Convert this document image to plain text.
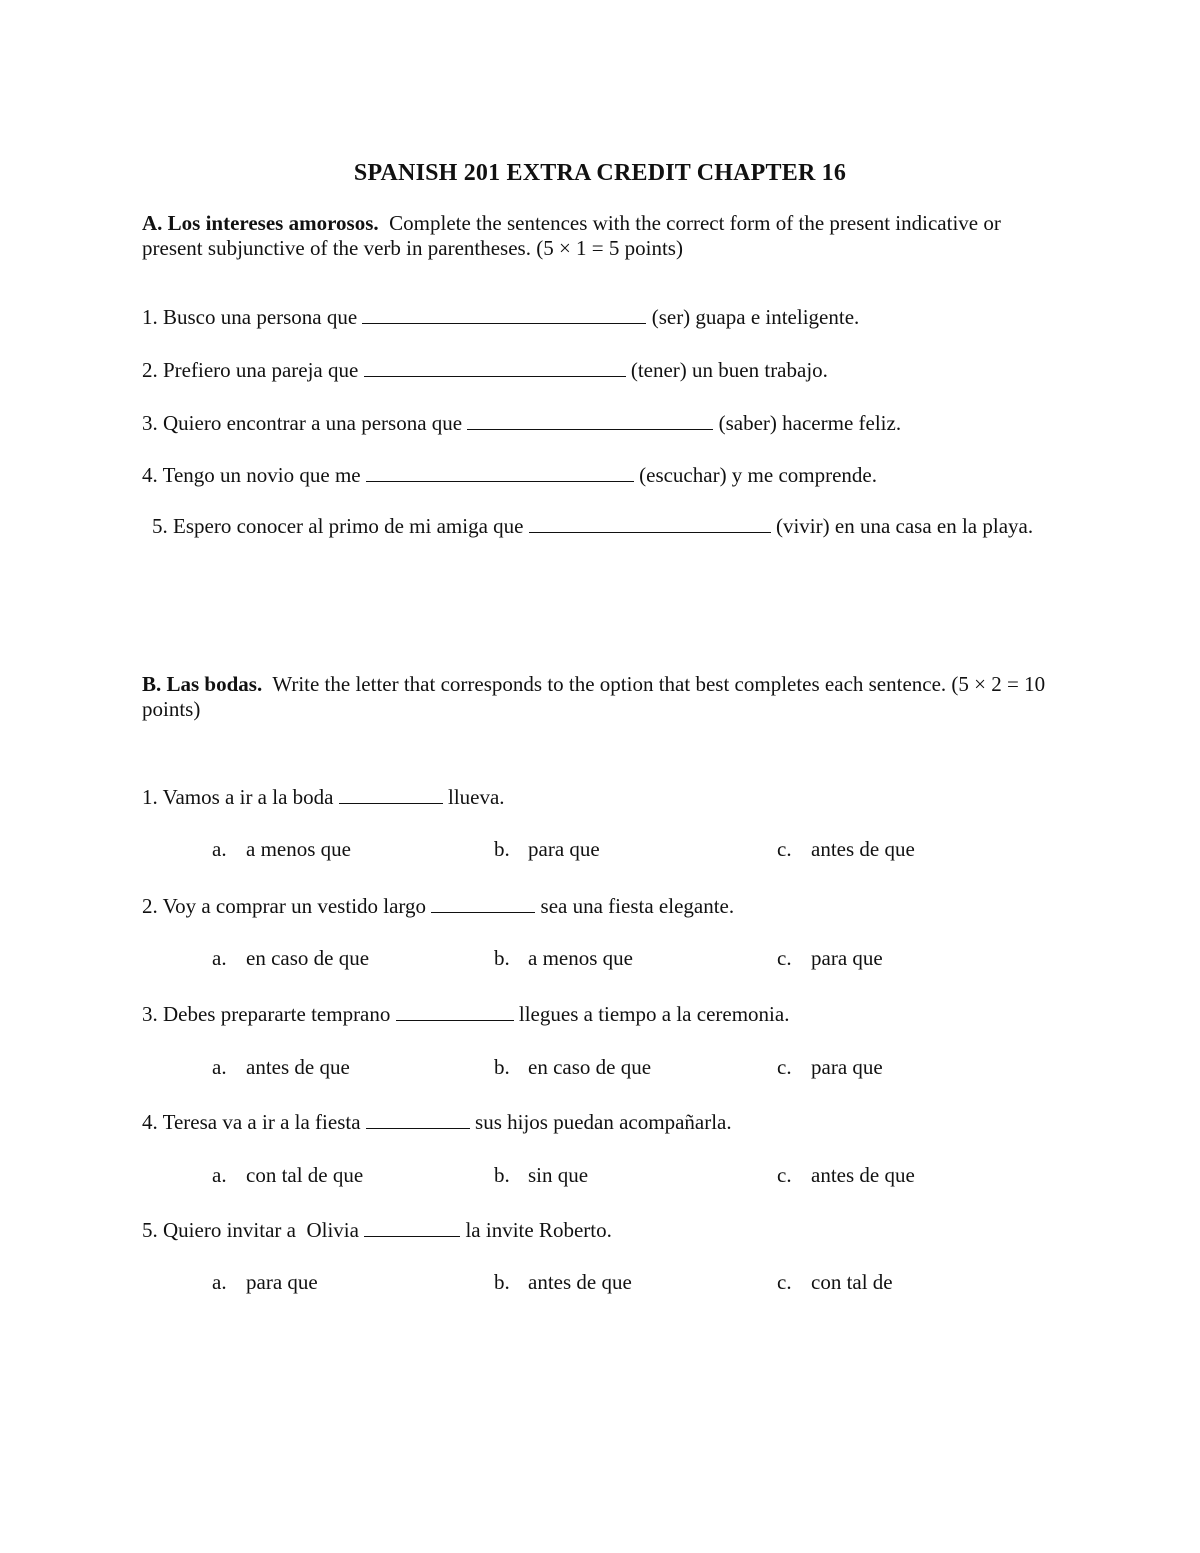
SPANISH 201 EXTRA CREDIT CHAPTER 16
A. Los intereses amorosos. Complete the sentences with the correct form of the present indicative or present subjunctive of the verb in parentheses. (5 × 1 = 5 points)
1. Busco una persona que	(ser) guapa e inteligente.
2. Prefiero una pareja que	(tener) un buen trabajo.
3. Quiero encontrar a una persona que	(saber) hacerme feliz.
4. Tengo un novio que me	(escuchar) y me comprende.
5. Espero conocer al primo de mi amiga que	(vivir) en una casa en la playa.
B. Las bodas. Write the letter that corresponds to the option that best completes each sentence. (5 × 2 = 10 points)
1. Vamos a ir a la boda	llueva.
a. a menos que	b. para que	c. antes de que
2. Voy a comprar un vestido largo	sea una fiesta elegante.
a. en caso de que	b. a menos que	c. para que
3. Debes prepararte temprano	llegues a tiempo a la ceremonia.
a. antes de que	b. en caso de que	c. para que
4. Teresa va a ir a la fiesta	sus hijos puedan acompañarla.
a. con tal de que	b. sin que	c. antes de que
5. Quiero invitar a  Olivia	la invite Roberto.
a. para que	b. antes de que	c. con tal de
